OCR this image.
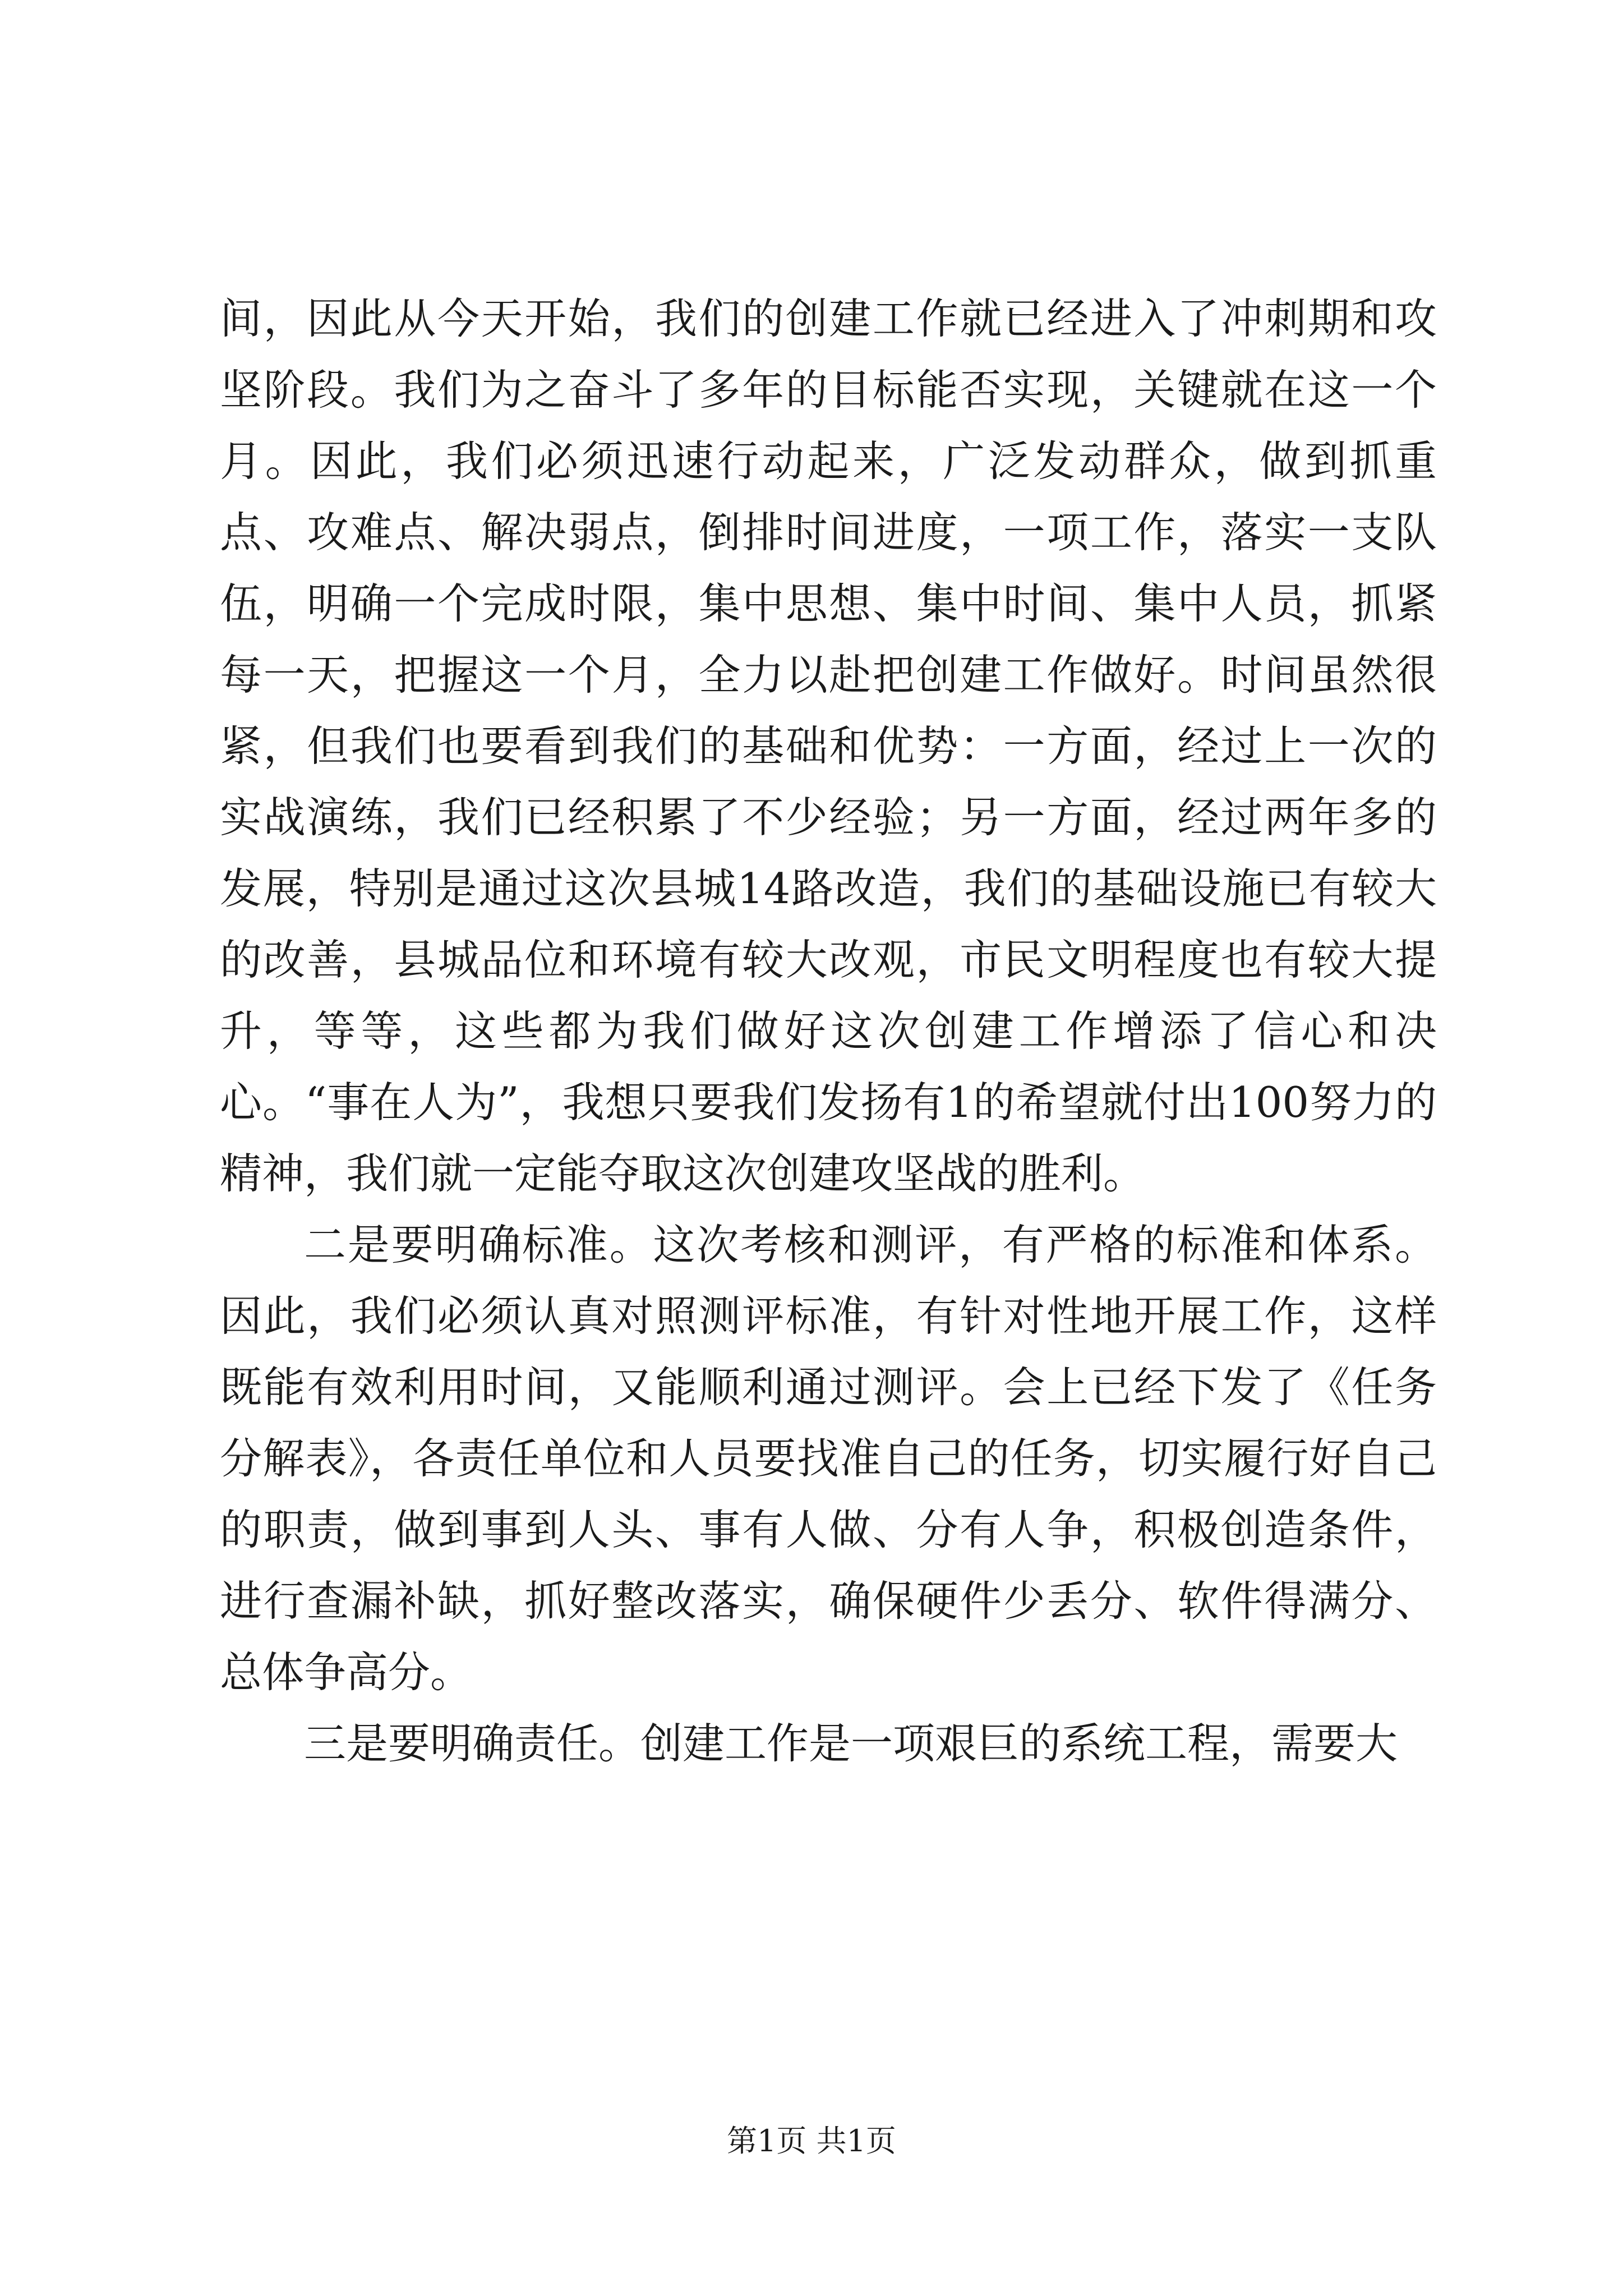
间，因此从今天开始，我们的创建工作就已经进入了冲刺期和攻坚阶段。我们为之奋斗了多年的目标能否实现，关键就在这一个月。因此，我们必须迅速行动起来，广泛发动群众，做到抓重点、攻难点、解决弱点，倒排时间进度，一项工作，落实一支队伍，明确一个完成时限，集中思想、集中时间、集中人员，抓紧每一天，把握这一个月，全力以赴把创建工作做好。时间虽然很紧，但我们也要看到我们的基础和优势：一方面，经过上一次的实战演练，我们已经积累了不少经验；另一方面，经过两年多的发展，特别是通过这次县城14路改造，我们的基础设施已有较大的改善，县城品位和环境有较大改观，市民文明程度也有较大提升，等等，这些都为我们做好这次创建工作增添了信心和决心。“事在人为”，我想只要我们发扬有1的希望就付出100努力的精神，我们就一定能夺取这次创建攻坚战的胜利。

二是要明确标准。这次考核和测评，有严格的标准和体系。因此，我们必须认真对照测评标准，有针对性地开展工作，这样既能有效利用时间，又能顺利通过测评。会上已经下发了《任务分解表》，各责任单位和人员要找准自己的任务，切实履行好自己的职责，做到事到人头、事有人做、分有人争，积极创造条件，进行查漏补缺，抓好整改落实，确保硬件少丢分、软件得满分、总体争高分。

三是要明确责任。创建工作是一项艰巨的系统工程，需要大

第1页 共1页
